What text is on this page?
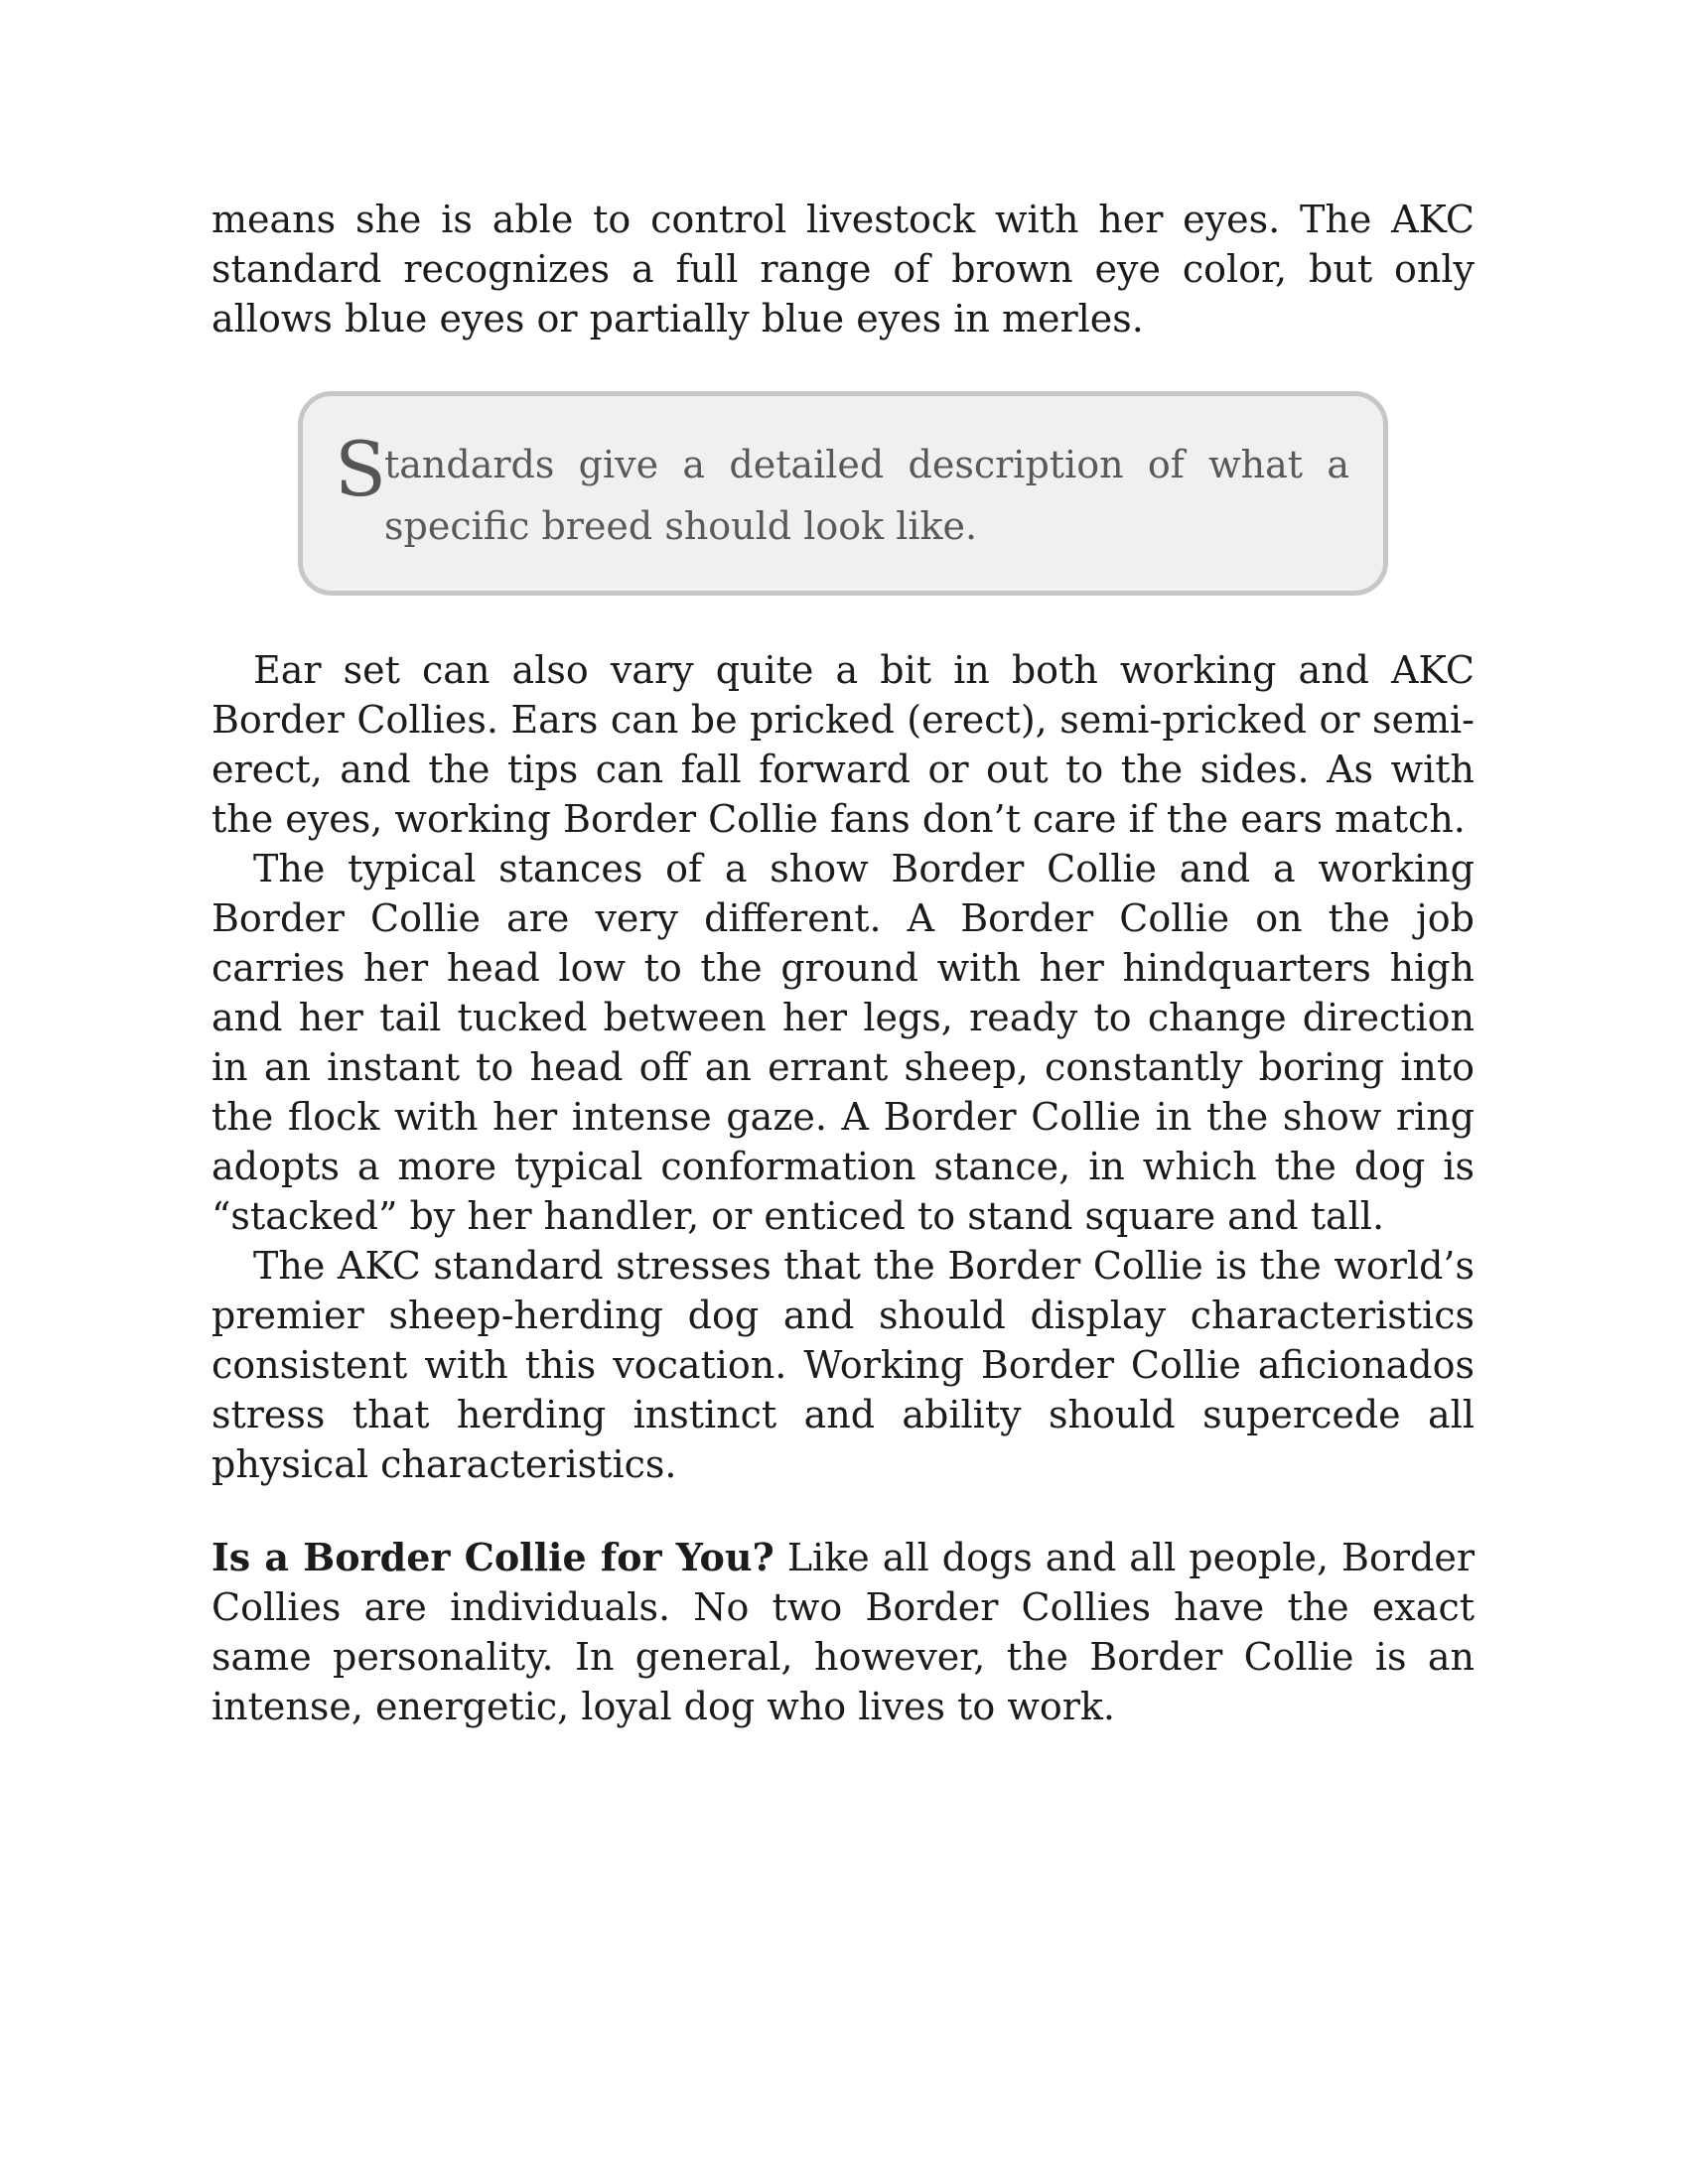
means she is able to control livestock with her eyes. The AKC standard recognizes a full range of brown eye color, but only allows blue eyes or partially blue eyes in merles.

S
tandards give a detailed description of what a specific breed should look like.

Ear set can also vary quite a bit in both working and AKC Border Collies. Ears can be pricked (erect), semi-pricked or semi-erect, and the tips can fall forward or out to the sides. As with the eyes, working Border Collie fans don’t care if the ears match.

The typical stances of a show Border Collie and a working Border Collie are very different. A Border Collie on the job carries her head low to the ground with her hindquarters high and her tail tucked between her legs, ready to change direction in an instant to head off an errant sheep, constantly boring into the flock with her intense gaze. A Border Collie in the show ring adopts a more typical conformation stance, in which the dog is “stacked” by her handler, or enticed to stand square and tall.

The AKC standard stresses that the Border Collie is the world’s premier sheep-herding dog and should display characteristics consistent with this vocation. Working Border Collie aficionados stress that herding instinct and ability should supercede all physical characteristics.

Is a Border Collie for You? Like all dogs and all people, Border Collies are individuals. No two Border Collies have the exact same personality. In general, however, the Border Collie is an intense, energetic, loyal dog who lives to work.
